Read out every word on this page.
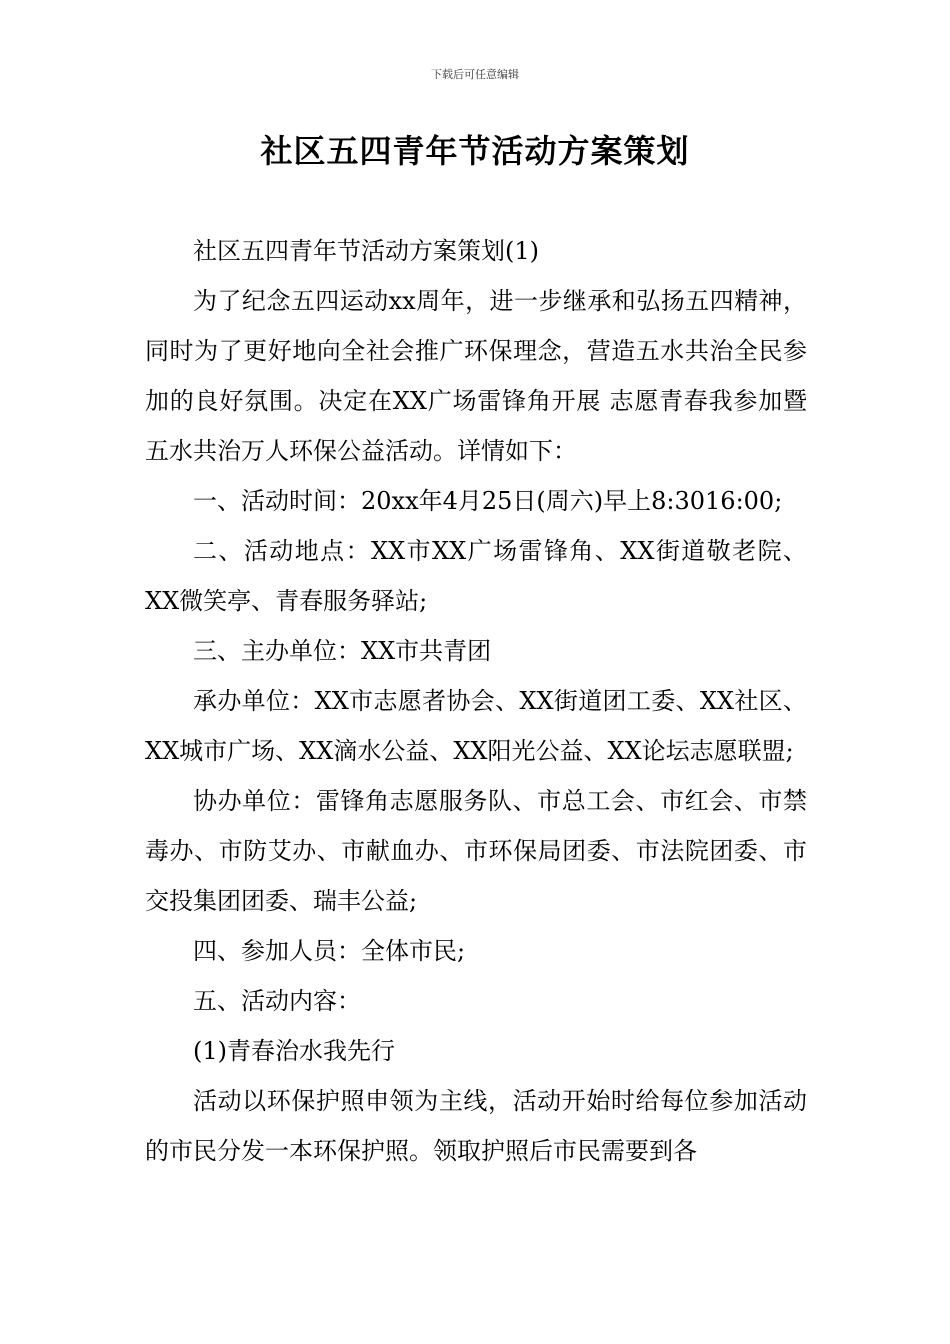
下载后可任意编辑
社区五四青年节活动方案策划

社区五四青年节活动方案策划(1)

为了纪念五四运动xx周年，进一步继承和弘扬五四精神，同时为了更好地向全社会推广环保理念，营造五水共治全民参加的良好氛围。决定在XX广场雷锋角开展 志愿青春我参加暨五水共治万人环保公益活动。详情如下：

一、活动时间：20xx年4月25日(周六)早上8:3016:00;

二、活动地点：XX市XX广场雷锋角、XX街道敬老院、XX微笑亭、青春服务驿站;

三、主办单位：XX市共青团

承办单位：XX市志愿者协会、XX街道团工委、XX社区、XX城市广场、XX滴水公益、XX阳光公益、XX论坛志愿联盟;

协办单位：雷锋角志愿服务队、市总工会、市红会、市禁毒办、市防艾办、市献血办、市环保局团委、市法院团委、市交投集团团委、瑞丰公益;

四、参加人员：全体市民;

五、活动内容：

(1)青春治水我先行

活动以环保护照申领为主线，活动开始时给每位参加活动的市民分发一本环保护照。领取护照后市民需要到各
